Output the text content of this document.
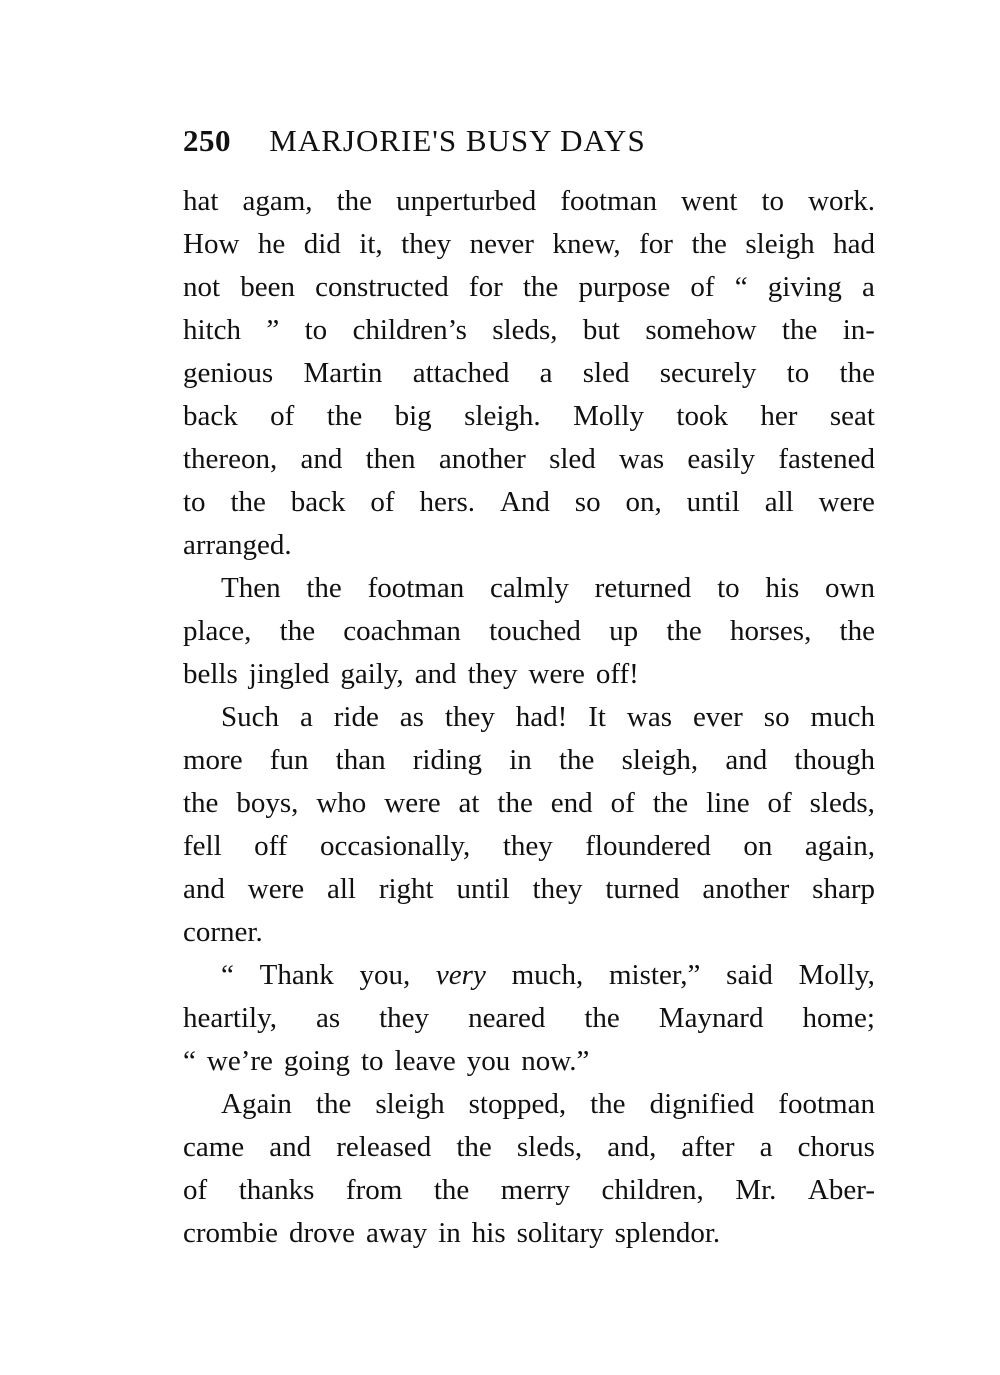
250 MARJORIE'S BUSY DAYS
hat agam, the unperturbed footman went to work.
How he did it, they never knew, for the sleigh had
not been constructed for the purpose of “ giving a
hitch ” to children’s sleds, but somehow the in-
genious Martin attached a sled securely to the
back of the big sleigh. Molly took her seat
thereon, and then another sled was easily fastened
to the back of hers. And so on, until all were
arranged.
Then the footman calmly returned to his own
place, the coachman touched up the horses, the
bells jingled gaily, and they were off!
Such a ride as they had! It was ever so much
more fun than riding in the sleigh, and though
the boys, who were at the end of the line of sleds,
fell off occasionally, they floundered on again,
and were all right until they turned another sharp
corner.
“ Thank you, very much, mister,” said Molly,
heartily, as they neared the Maynard home;
“ we’re going to leave you now.”
Again the sleigh stopped, the dignified footman
came and released the sleds, and, after a chorus
of thanks from the merry children, Mr. Aber-
crombie drove away in his solitary splendor.
